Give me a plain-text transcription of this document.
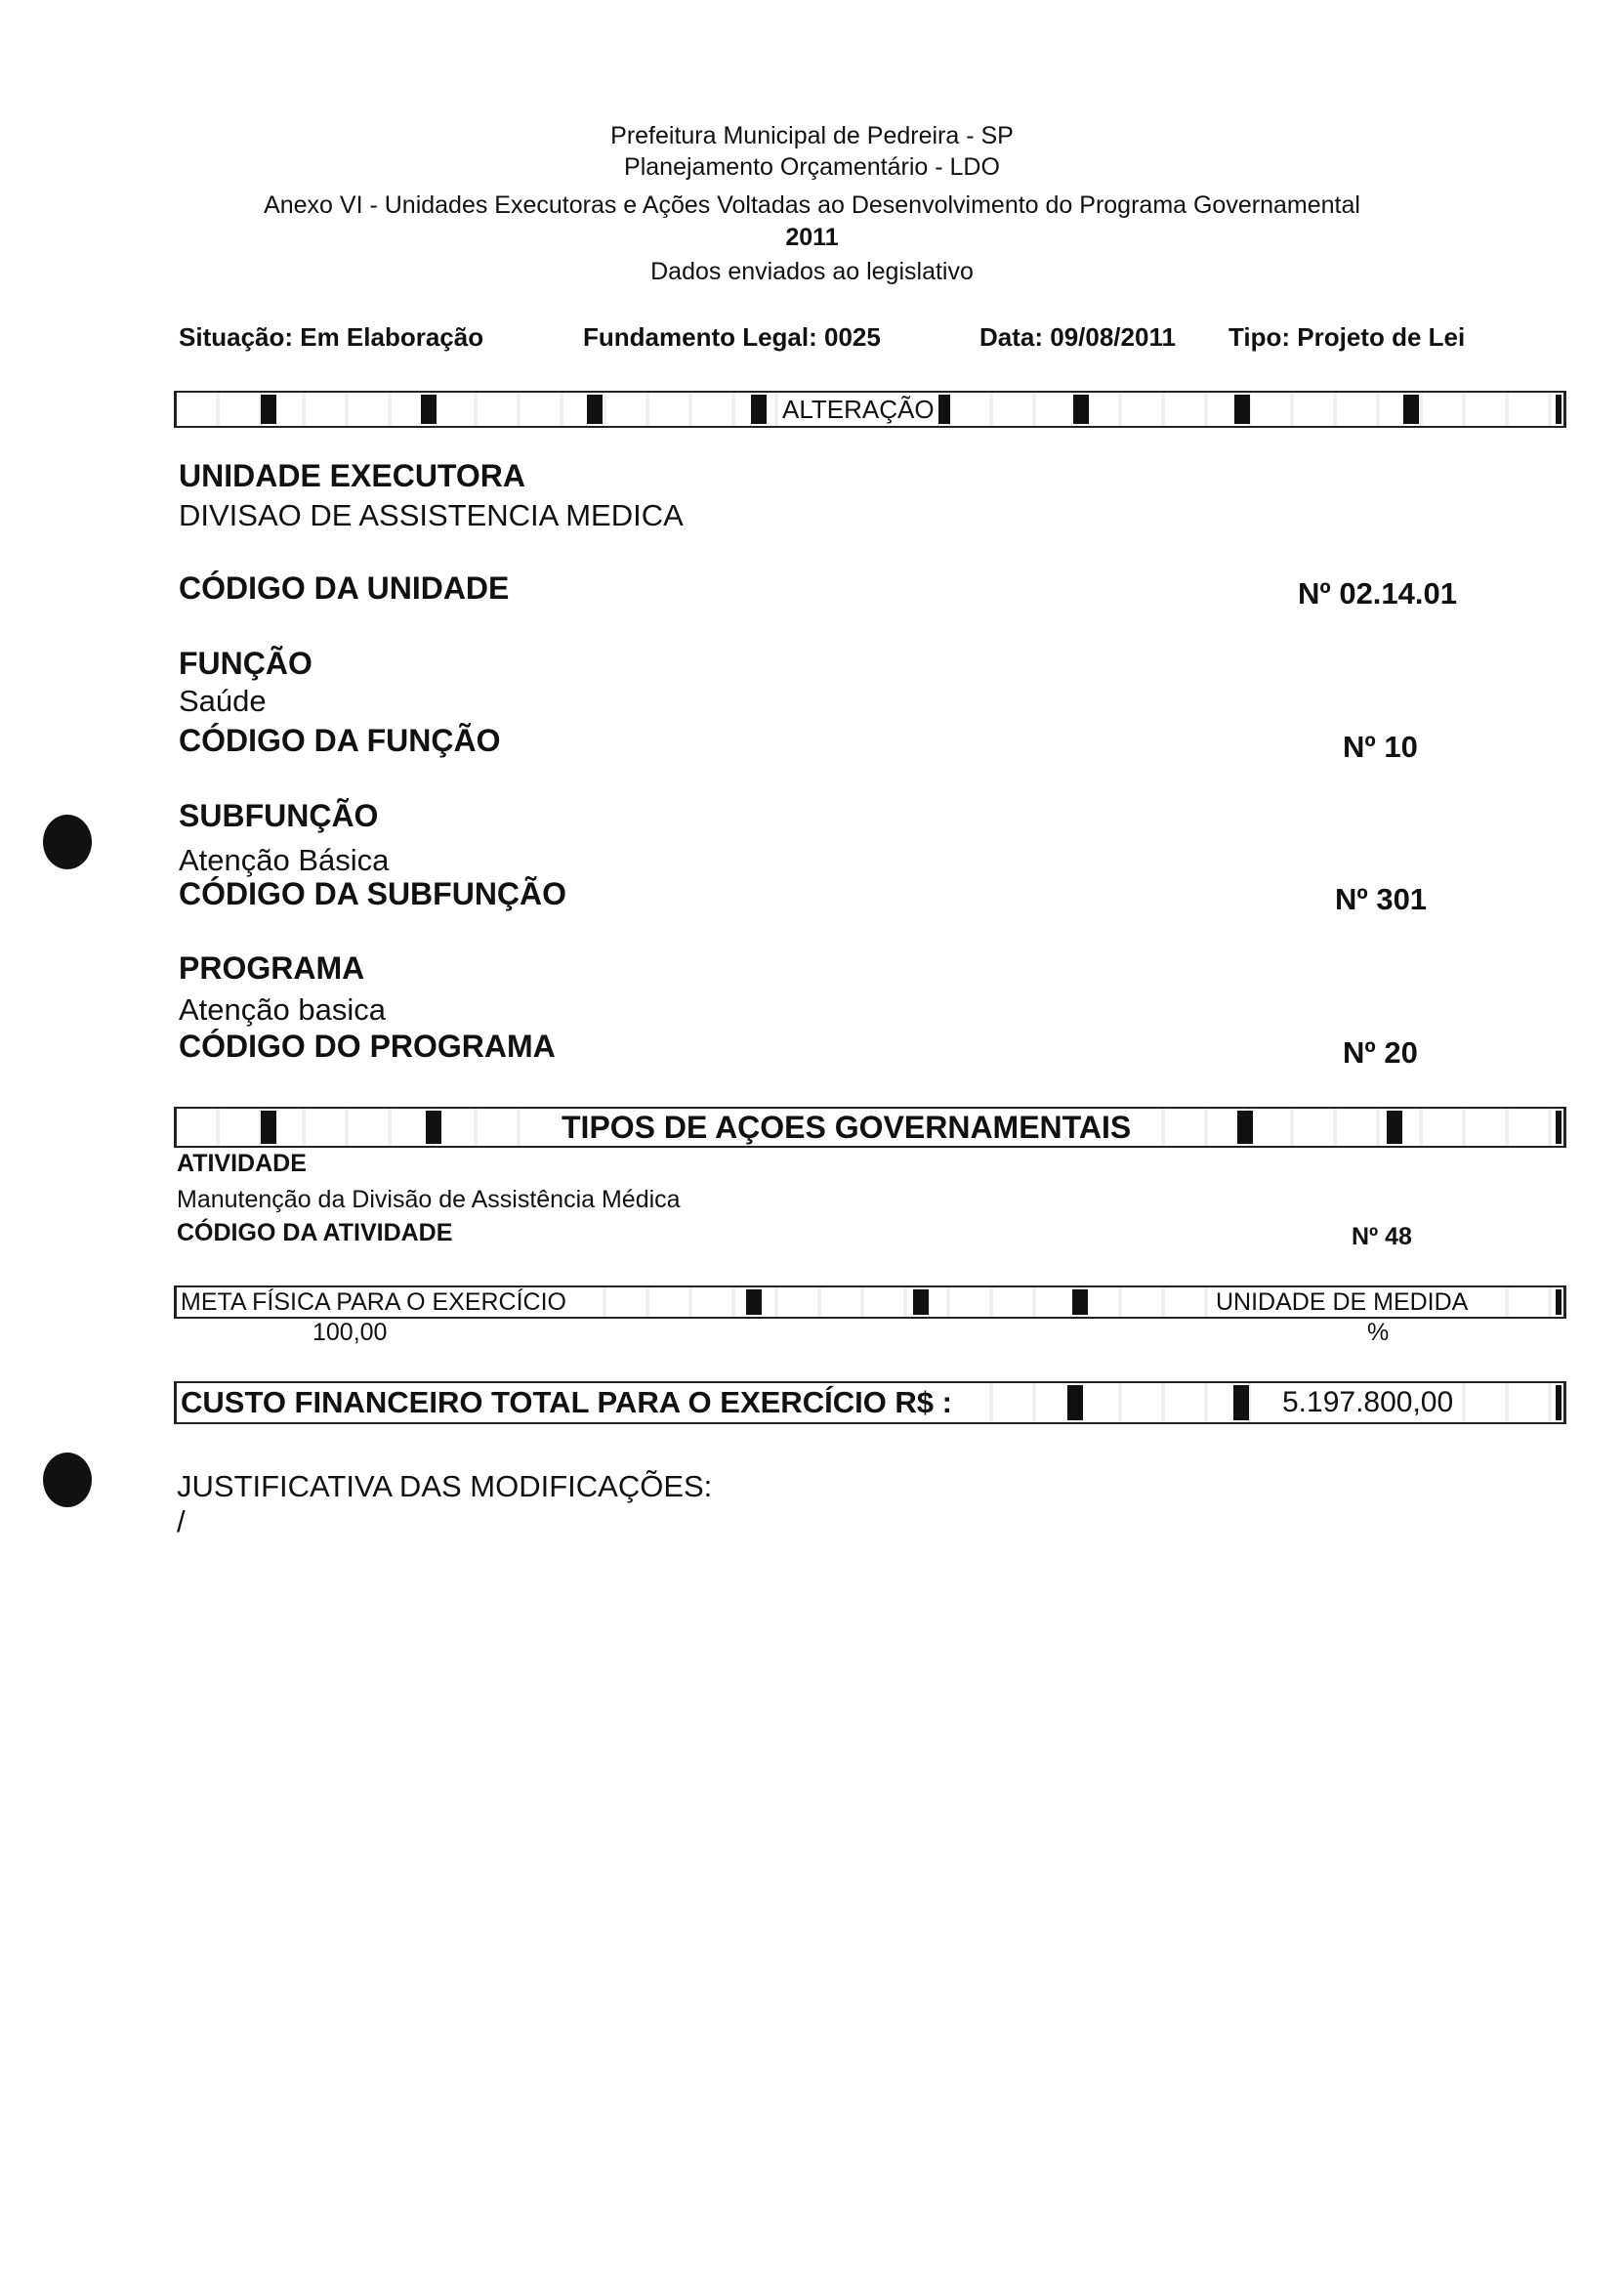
Prefeitura Municipal de Pedreira - SP
Planejamento Orçamentário - LDO
Anexo VI - Unidades Executoras e Ações Voltadas ao Desenvolvimento do Programa Governamental
2011
Dados enviados ao legislativo
Situação: Em Elaboração	Fundamento Legal: 0025	Data: 09/08/2011 Tipo: Projeto de Lei
ALTERAÇÃO
UNIDADE EXECUTORA
DIVISAO DE ASSISTENCIA MEDICA
CÓDIGO DA UNIDADE	Nº 02.14.01
FUNÇÃO
Saúde
CÓDIGO DA FUNÇÃO	Nº 10
SUBFUNÇÃO
Atenção Básica
CÓDIGO DA SUBFUNÇÃO	Nº 301
PROGRAMA
Atenção basica
CÓDIGO DO PROGRAMA	Nº 20
TIPOS DE AÇOES GOVERNAMENTAIS
ATIVIDADE
Manutenção da Divisão de Assistência Médica
CÓDIGO DA ATIVIDADE	Nº 48
META FÍSICA PARA O EXERCÍCIO	UNIDADE DE MEDIDA
100,00	%
CUSTO FINANCEIRO TOTAL PARA O EXERCÍCIO R$ :	5.197.800,00
JUSTIFICATIVA DAS MODIFICAÇÕES:
/
